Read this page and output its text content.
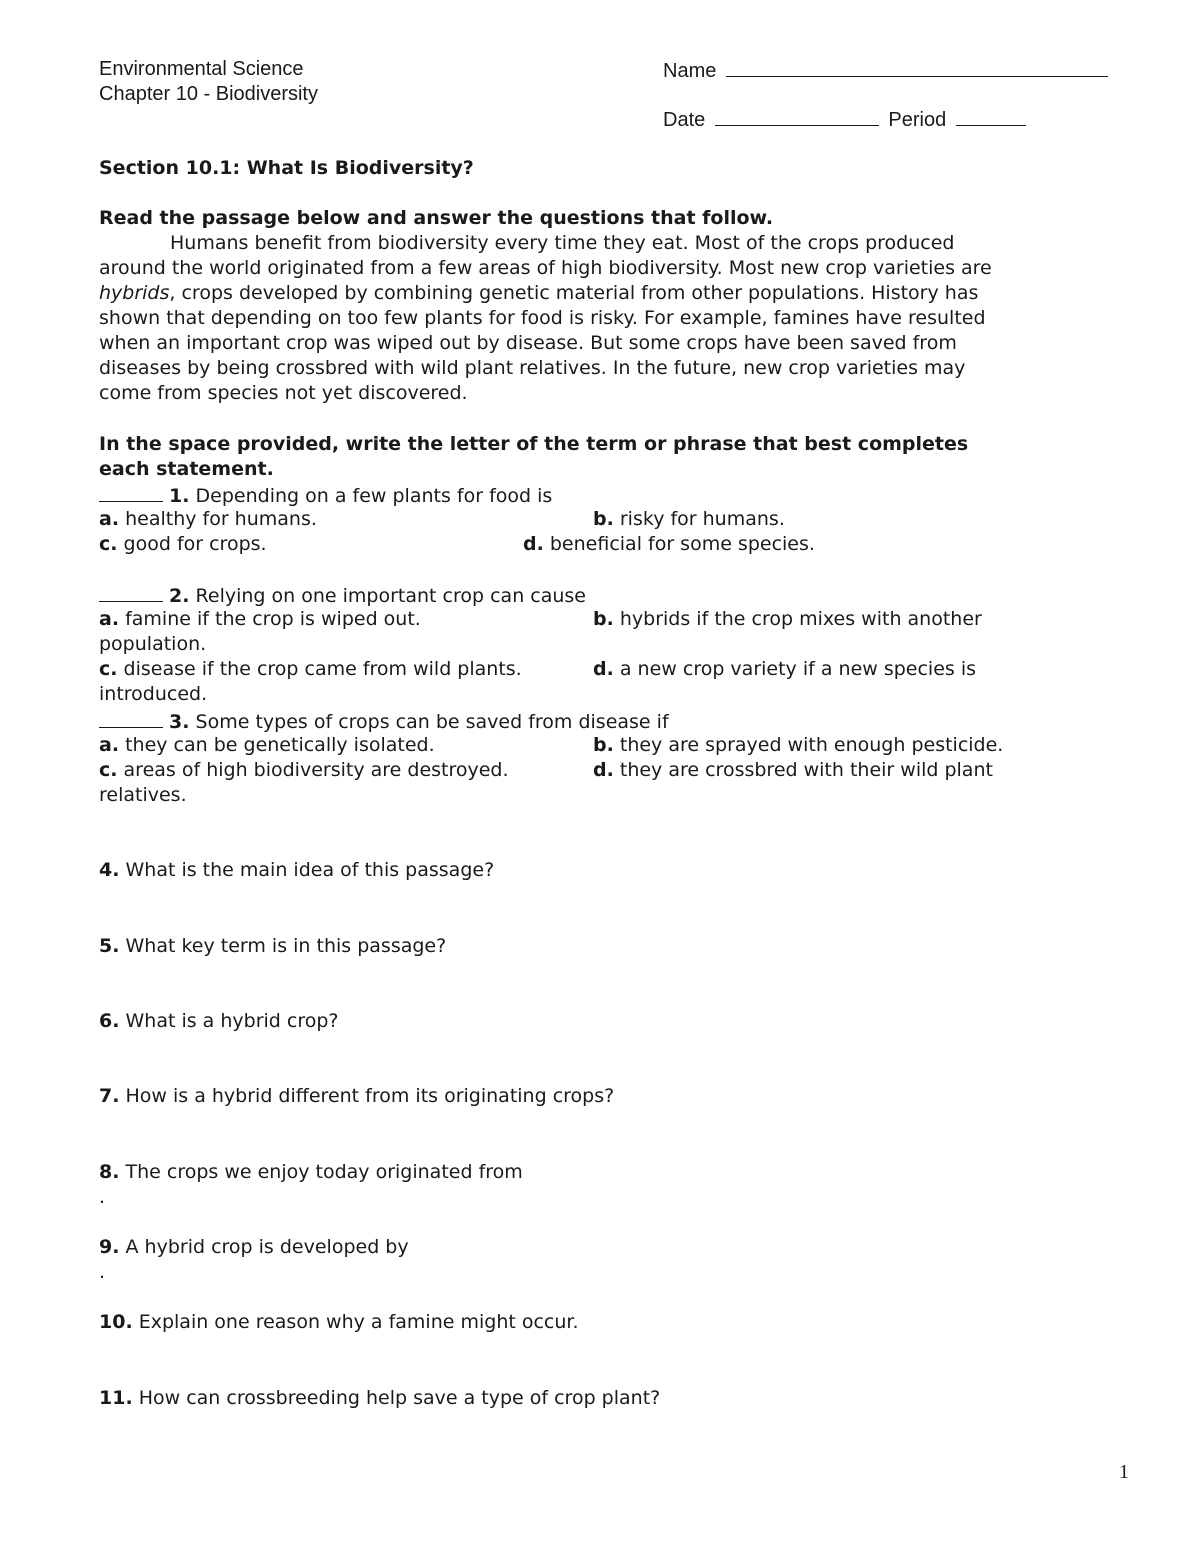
Environmental Science
Chapter 10 - Biodiversity
Name
Date	Period
Section 10.1: What Is Biodiversity?
Read the passage below and answer the questions that follow.
Humans benefit from biodiversity every time they eat. Most of the crops produced
around the world originated from a few areas of high biodiversity. Most new crop varieties are
hybrids, crops developed by combining genetic material from other populations. History has
shown that depending on too few plants for food is risky. For example, famines have resulted
when an important crop was wiped out by disease. But some crops have been saved from
diseases by being crossbred with wild plant relatives. In the future, new crop varieties may
come from species not yet discovered.
In the space provided, write the letter of the term or phrase that best completes
each statement.
1. Depending on a few plants for food is
a. healthy for humans.	b. risky for humans.
c. good for crops.	d. beneficial for some species.
2. Relying on one important crop can cause
a. famine if the crop is wiped out.	b. hybrids if the crop mixes with another
population.
c. disease if the crop came from wild plants.	d. a new crop variety if a new species is
introduced.
3. Some types of crops can be saved from disease if
a. they can be genetically isolated.	b. they are sprayed with enough pesticide.
c. areas of high biodiversity are destroyed.	d. they are crossbred with their wild plant
relatives.
4. What is the main idea of this passage?
5. What key term is in this passage?
6. What is a hybrid crop?
7. How is a hybrid different from its originating crops?
8. The crops we enjoy today originated from
.
9. A hybrid crop is developed by
.
10. Explain one reason why a famine might occur.
11. How can crossbreeding help save a type of crop plant?
1
